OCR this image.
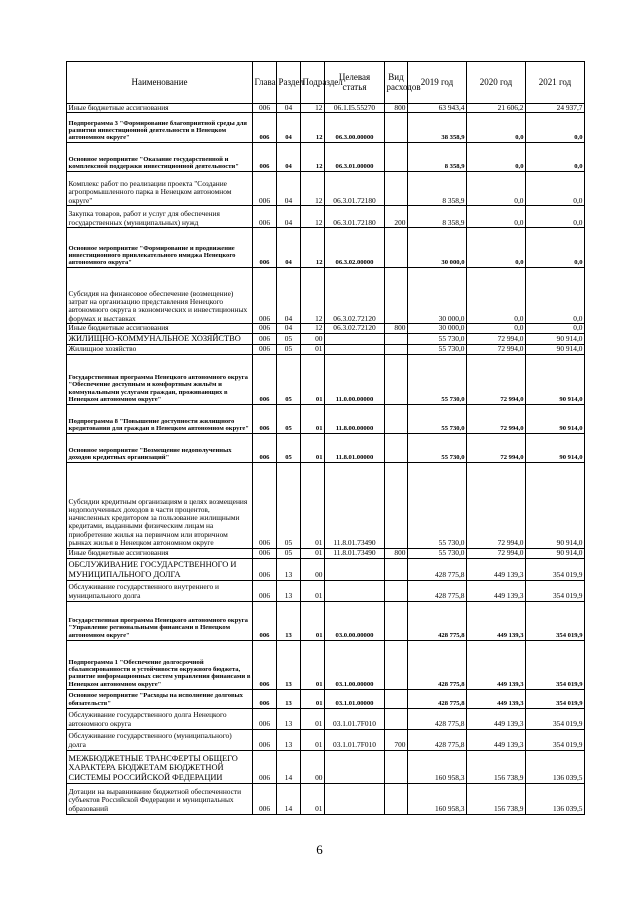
Наименование	Глава	Раздел	Подраздел	Целевая статья	Вид расходов	2019 год	2020 год	2021 год
Иные бюджетные ассигнования	006	04	12	06.1.I5.55270	800	63 943,4	21 606,2	24 937,7
Подпрограмма 3 "Формирование благоприятной среды для развития инвестиционной деятельности в Ненецком автономном округе"	006	04	12	06.3.00.00000		38 358,9	0,0	0,0
Основное мероприятие "Оказание государственной и комплексной поддержки инвестиционной деятельности"	006	04	12	06.3.01.00000		8 358,9	0,0	0,0
Комплекс работ по реализации проекта "Создание агропромышленного парка в Ненецком автономном округе"	006	04	12	06.3.01.72180		8 358,9	0,0	0,0
Закупка товаров, работ и услуг для обеспечения государственных (муниципальных) нужд	006	04	12	06.3.01.72180	200	8 358,9	0,0	0,0
Основное мероприятие "Формирование и продвижение инвестиционного привлекательного имиджа Ненецкого автономного округа"	006	04	12	06.3.02.00000		30 000,0	0,0	0,0
Субсидия на финансовое обеспечение (возмещение) затрат на организацию представления Ненецкого автономного округа в экономических и инвестиционных форумах и выставках	006	04	12	06.3.02.72120		30 000,0	0,0	0,0
Иные бюджетные ассигнования	006	04	12	06.3.02.72120	800	30 000,0	0,0	0,0
ЖИЛИЩНО-КОММУНАЛЬНОЕ ХОЗЯЙСТВО	006	05	00			55 730,0	72 994,0	90 914,0
Жилищное хозяйство	006	05	01			55 730,0	72 994,0	90 914,0
Государственная программа Ненецкого автономного округа "Обеспечение доступным и комфортным жильём и коммунальными услугами граждан, проживающих в Ненецком автономном округе"	006	05	01	11.0.00.00000		55 730,0	72 994,0	90 914,0
Подпрограмма 8 "Повышение доступности жилищного кредитования для граждан в Ненецком автономном округе"	006	05	01	11.8.00.00000		55 730,0	72 994,0	90 914,0
Основное мероприятие "Возмещение недополученных доходов кредитных организаций"	006	05	01	11.8.01.00000		55 730,0	72 994,0	90 914,0
Субсидии кредитным организациям в целях возмещения недополученных доходов в части процентов, начисленных кредитором за пользование жилищными кредитами, выданными физическим лицам на приобретение жилья на первичном или вторичном рынках жилья в Ненецком автономном округе	006	05	01	11.8.01.73490		55 730,0	72 994,0	90 914,0
Иные бюджетные ассигнования	006	05	01	11.8.01.73490	800	55 730,0	72 994,0	90 914,0
ОБСЛУЖИВАНИЕ ГОСУДАРСТВЕННОГО И МУНИЦИПАЛЬНОГО ДОЛГА	006	13	00			428 775,8	449 139,3	354 019,9
Обслуживание государственного внутреннего и муниципального долга	006	13	01			428 775,8	449 139,3	354 019,9
Государственная программа Ненецкого автономного округа "Управление региональными финансами в Ненецком автономном округе"	006	13	01	03.0.00.00000		428 775,8	449 139,3	354 019,9
Подпрограмма 1 "Обеспечение долгосрочной сбалансированности и устойчивости окружного бюджета, развитие информационных систем управления финансами в Ненецком автономном округе"	006	13	01	03.1.00.00000		428 775,8	449 139,3	354 019,9
Основное мероприятие "Расходы на исполнение долговых обязательств"	006	13	01	03.1.01.00000		428 775,8	449 139,3	354 019,9
Обслуживание государственного долга Ненецкого автономного округа	006	13	01	03.1.01.7F010		428 775,8	449 139,3	354 019,9
Обслуживание государственного (муниципального) долга	006	13	01	03.1.01.7F010	700	428 775,8	449 139,3	354 019,9
МЕЖБЮДЖЕТНЫЕ ТРАНСФЕРТЫ ОБЩЕГО ХАРАКТЕРА БЮДЖЕТАМ БЮДЖЕТНОЙ СИСТЕМЫ РОССИЙСКОЙ ФЕДЕРАЦИИ	006	14	00			160 958,3	156 738,9	136 039,5
Дотации на выравнивание бюджетной обеспеченности субъектов Российской Федерации и муниципальных образований	006	14	01			160 958,3	156 738,9	136 039,5
6
